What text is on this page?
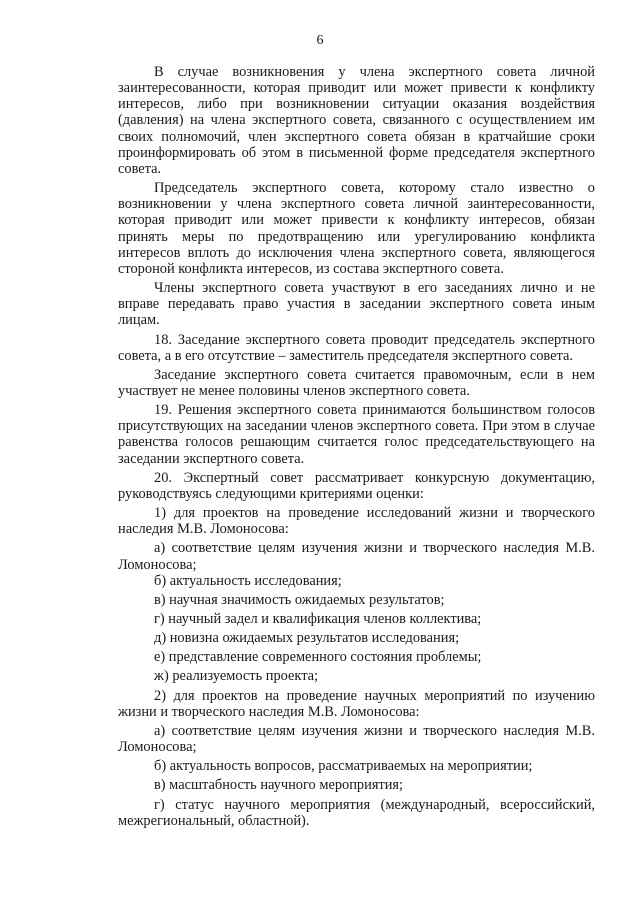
6

В случае возникновения у члена экспертного совета личной заинтересованности, которая приводит или может привести к конфликту интересов, либо при возникновении ситуации оказания воздействия (давления) на члена экспертного совета, связанного с осуществлением им своих полномочий, член экспертного совета обязан в кратчайшие сроки проинформировать об этом в письменной форме председателя экспертного совета.

Председатель экспертного совета, которому стало известно о возникновении у члена экспертного совета личной заинтересованности, которая приводит или может привести к конфликту интересов, обязан принять меры по предотвращению или урегулированию конфликта интересов вплоть до исключения члена экспертного совета, являющегося стороной конфликта интересов, из состава экспертного совета.

Члены экспертного совета участвуют в его заседаниях лично и не вправе передавать право участия в заседании экспертного совета иным лицам.

18. Заседание экспертного совета проводит председатель экспертного совета, а в его отсутствие – заместитель председателя экспертного совета.

Заседание экспертного совета считается правомочным, если в нем участвует не менее половины членов экспертного совета.

19. Решения экспертного совета принимаются большинством голосов присутствующих на заседании членов экспертного совета. При этом в случае равенства голосов решающим считается голос председательствующего на заседании экспертного совета.

20. Экспертный совет рассматривает конкурсную документацию, руководствуясь следующими критериями оценки:

1) для проектов на проведение исследований жизни и творческого наследия М.В. Ломоносова:

а) соответствие целям изучения жизни и творческого наследия М.В. Ломоносова;

б) актуальность исследования;

в) научная значимость ожидаемых результатов;

г) научный задел и квалификация членов коллектива;

д) новизна ожидаемых результатов исследования;

е) представление современного состояния проблемы;

ж) реализуемость проекта;

2) для проектов на проведение научных мероприятий по изучению жизни и творческого наследия М.В. Ломоносова:

а) соответствие целям изучения жизни и творческого наследия М.В. Ломоносова;

б) актуальность вопросов, рассматриваемых на мероприятии;

в) масштабность научного мероприятия;

г) статус научного мероприятия (международный, всероссийский, межрегиональный, областной).
